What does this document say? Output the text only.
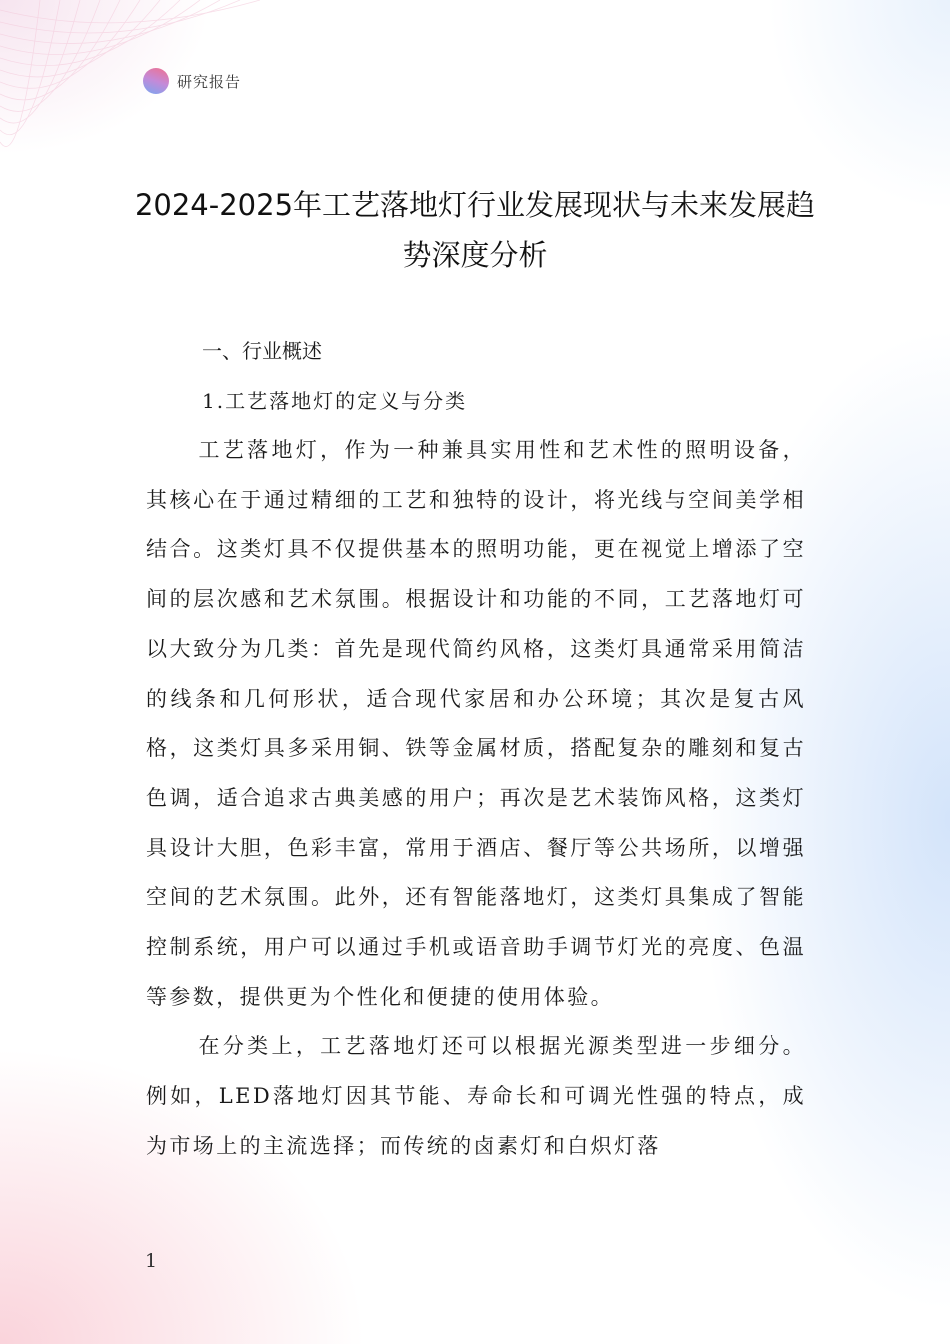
研究报告
2024-2025年工艺落地灯行业发展现状与未来发展趋势深度分析

一、行业概述

1.工艺落地灯的定义与分类

工艺落地灯，作为一种兼具实用性和艺术性的照明设备，其核心在于通过精细的工艺和独特的设计，将光线与空间美学相结合。这类灯具不仅提供基本的照明功能，更在视觉上增添了空间的层次感和艺术氛围。根据设计和功能的不同，工艺落地灯可以大致分为几类：首先是现代简约风格，这类灯具通常采用简洁的线条和几何形状，适合现代家居和办公环境；其次是复古风格，这类灯具多采用铜、铁等金属材质，搭配复杂的雕刻和复古色调，适合追求古典美感的用户；再次是艺术装饰风格，这类灯具设计大胆，色彩丰富，常用于酒店、餐厅等公共场所，以增强空间的艺术氛围。此外，还有智能落地灯，这类灯具集成了智能控制系统，用户可以通过手机或语音助手调节灯光的亮度、色温等参数，提供更为个性化和便捷的使用体验。

在分类上，工艺落地灯还可以根据光源类型进一步细分。例如，LED落地灯因其节能、寿命长和可调光性强的特点，成为市场上的主流选择；而传统的卤素灯和白炽灯落

1
